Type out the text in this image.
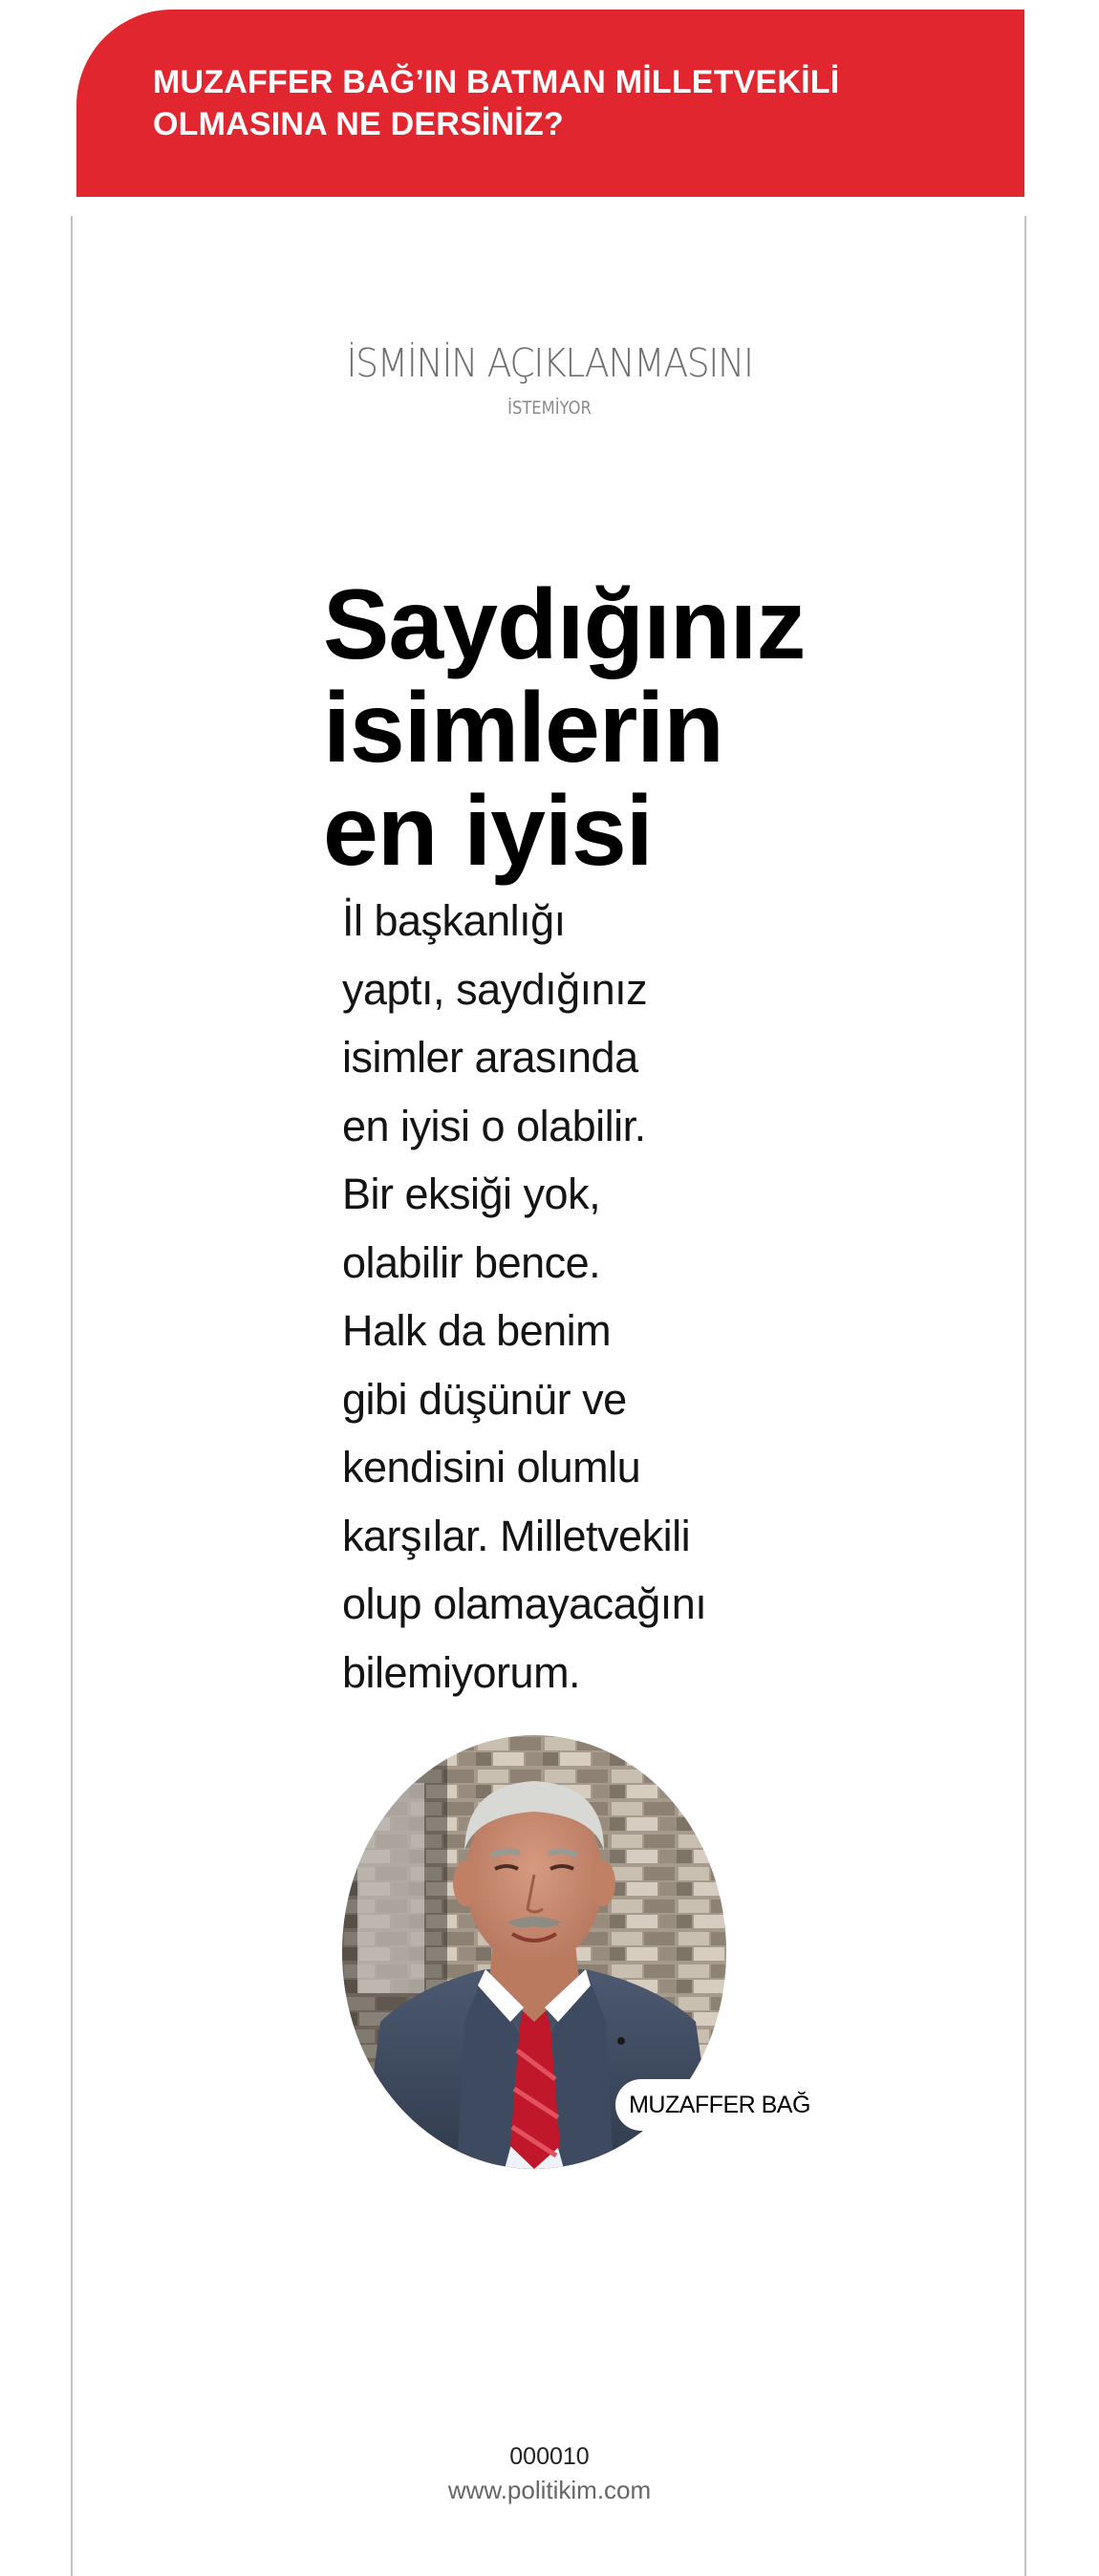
MUZAFFER BAĞ’IN BATMAN MİLLETVEKİLİ
OLMASINA NE DERSİNİZ?
İSMİNİN AÇIKLANMASINI
İSTEMİYOR
Saydığınız
isimlerin
en iyisi

İl başkanlığı
yaptı, saydığınız
isimler arasında
en iyisi o olabilir.
Bir eksiği yok,
olabilir bence.
Halk da benim
gibi düşünür ve
kendisini olumlu
karşılar. Milletvekili
olup olamayacağını
bilemiyorum.

MUZAFFER BAĞ
000010
www.politikim.com
